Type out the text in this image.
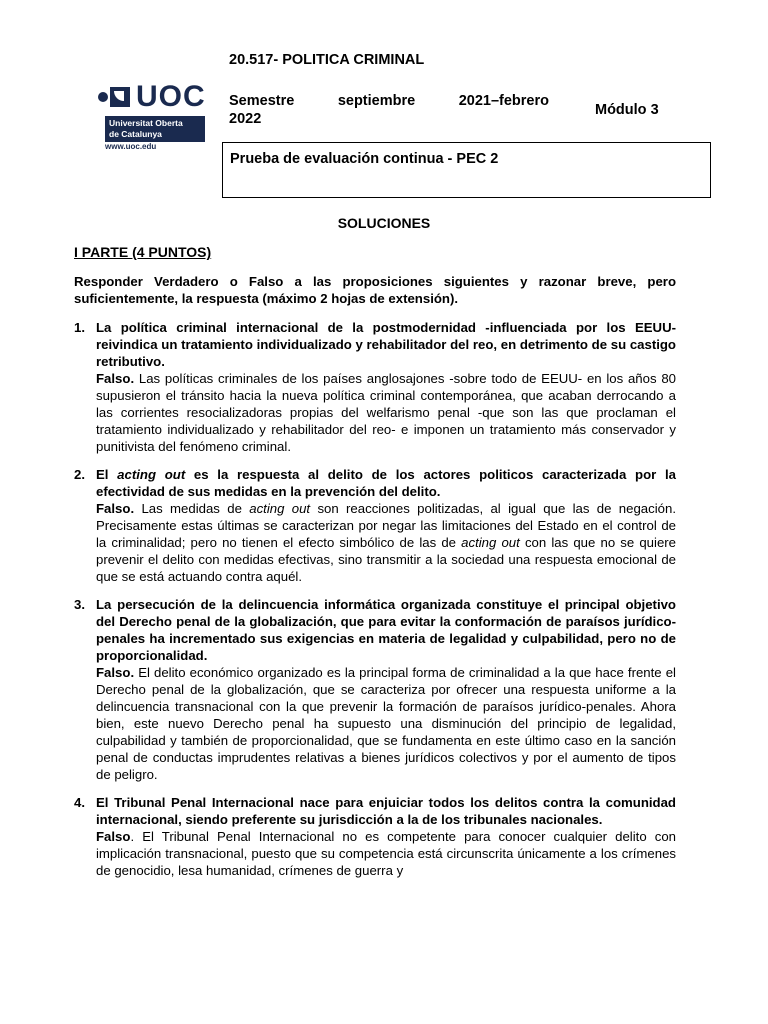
UOC
Universitat Oberta
de Catalunya
www.uoc.edu
20.517- POLITICA CRIMINAL
Semestre	septiembre	2021–febrero
2022
Módulo 3
Prueba de evaluación continua - PEC 2
SOLUCIONES
I PARTE (4 PUNTOS)

Responder Verdadero o Falso a las proposiciones siguientes y razonar breve, pero suficientemente, la respuesta (máximo 2 hojas de extensión).

1. La política criminal internacional de la postmodernidad -influenciada por los EEUU- reivindica un tratamiento individualizado y rehabilitador del reo, en detrimento de su castigo retributivo.
Falso. Las políticas criminales de los países anglosajones -sobre todo de EEUU- en los años 80 supusieron el tránsito hacia la nueva política criminal contemporánea, que acaban derrocando a las corrientes resocializadoras propias del welfarismo penal -que son las que proclaman el tratamiento individualizado y rehabilitador del reo- e imponen un tratamiento más conservador y punitivista del fenómeno criminal.
2. El acting out es la respuesta al delito de los actores politicos caracterizada por la efectividad de sus medidas en la prevención del delito.
Falso. Las medidas de acting out son reacciones politizadas, al igual que las de negación. Precisamente estas últimas se caracterizan por negar las limitaciones del Estado en el control de la criminalidad; pero no tienen el efecto simbólico de las de acting out con las que no se quiere prevenir el delito con medidas efectivas, sino transmitir a la sociedad una respuesta emocional de que se está actuando contra aquél.
3. La persecución de la delincuencia informática organizada constituye el principal objetivo del Derecho penal de la globalización, que para evitar la conformación de paraísos jurídico-penales ha incrementado sus exigencias en materia de legalidad y culpabilidad, pero no de proporcionalidad.
Falso. El delito económico organizado es la principal forma de criminalidad a la que hace frente el Derecho penal de la globalización, que se caracteriza por ofrecer una respuesta uniforme a la delincuencia transnacional con la que prevenir la formación de paraísos jurídico-penales. Ahora bien, este nuevo Derecho penal ha supuesto una disminución del principio de legalidad, culpabilidad y también de proporcionalidad, que se fundamenta en este último caso en la sanción penal de conductas imprudentes relativas a bienes jurídicos colectivos y por el aumento de tipos de peligro.
4. El Tribunal Penal Internacional nace para enjuiciar todos los delitos contra la comunidad internacional, siendo preferente su jurisdicción a la de los tribunales nacionales.
Falso. El Tribunal Penal Internacional no es competente para conocer cualquier delito con implicación transnacional, puesto que su competencia está circunscrita únicamente a los crímenes de genocidio, lesa humanidad, crímenes de guerra y
